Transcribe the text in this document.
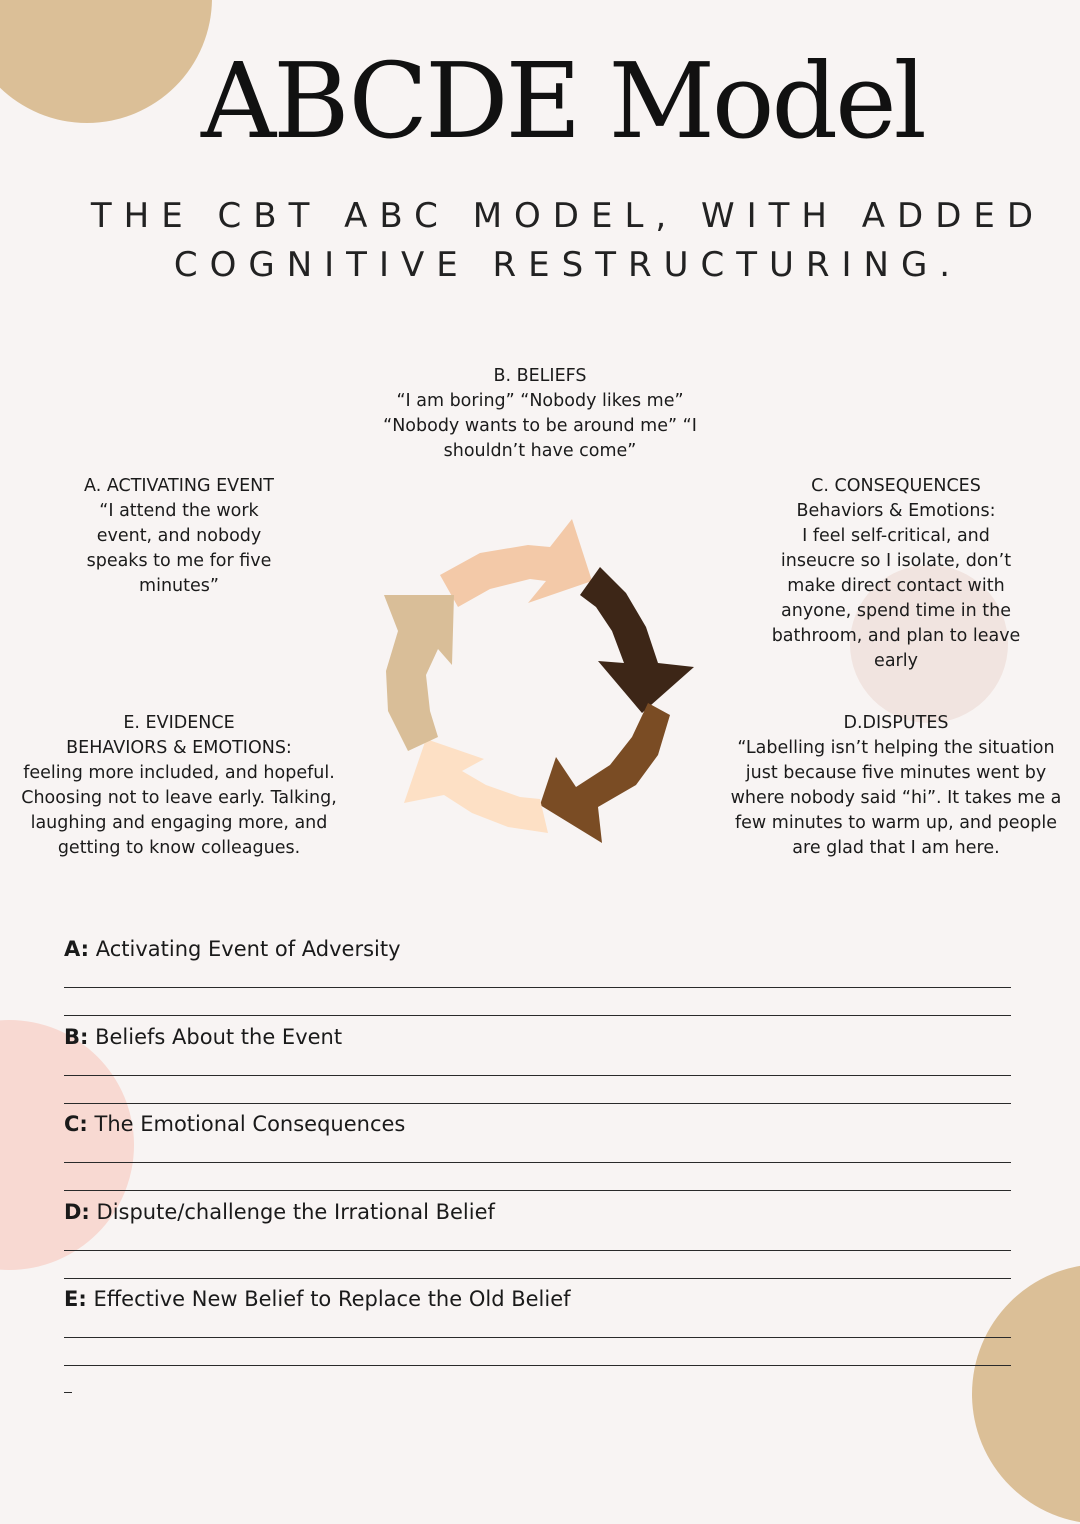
ABCDE Model

THE CBT ABC MODEL, WITH ADDED COGNITIVE RESTRUCTURING.

B. BELIEFS
“I am boring” “Nobody likes me”
“Nobody wants to be around me” “I
shouldn’t have come”
A. ACTIVATING EVENT
“I attend the work
event, and nobody
speaks to me for five
minutes”
C. CONSEQUENCES
Behaviors & Emotions:
I feel self-critical, and
inseucre so I isolate, don’t
make direct contact with
anyone, spend time in the
bathroom, and plan to leave
early
E. EVIDENCE
BEHAVIORS & EMOTIONS:
feeling more included, and hopeful.
Choosing not to leave early. Talking,
laughing and engaging more, and
getting to know colleagues.
D.DISPUTES
“Labelling isn’t helping the situation
just because five minutes went by
where nobody said “hi”. It takes me a
few minutes to warm up, and people
are glad that I am here.
A: Activating Event of Adversity
B: Beliefs About the Event
C: The Emotional Consequences
D: Dispute/challenge the Irrational Belief
E: Effective New Belief to Replace the Old Belief
